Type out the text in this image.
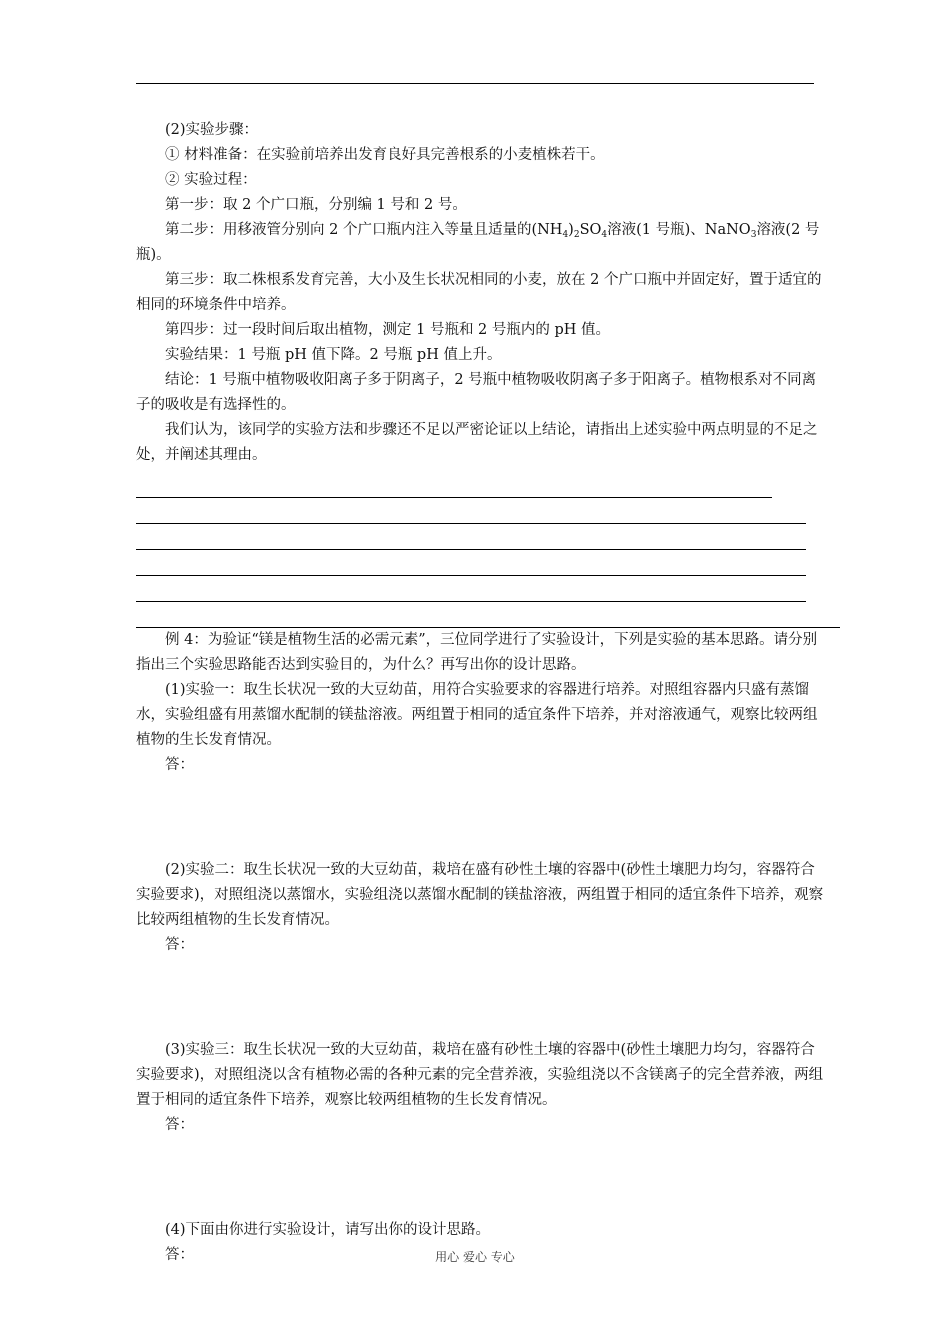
(2)实验步骤：

① 材料准备：在实验前培养出发育良好具完善根系的小麦植株若干。

② 实验过程：

第一步：取 2 个广口瓶，分别编 1 号和 2 号。

第二步：用移液管分别向 2 个广口瓶内注入等量且适量的$(NH_4)_2SO_4$溶液(1 号瓶)、NaNO$_3$溶液(2 号瓶)。

第三步：取二株根系发育完善，大小及生长状况相同的小麦，放在 2 个广口瓶中并固定好，置于适宜的相同的环境条件中培养。

第四步：过一段时间后取出植物，测定 1 号瓶和 2 号瓶内的 pH 值。

实验结果：1 号瓶 pH 值下降。2 号瓶 pH 值上升。

结论：1 号瓶中植物吸收阳离子多于阴离子，2 号瓶中植物吸收阴离子多于阳离子。植物根系对不同离子的吸收是有选择性的。

我们认为，该同学的实验方法和步骤还不足以严密论证以上结论，请指出上述实验中两点明显的不足之处，并阐述其理由。

例 4：为验证“镁是植物生活的必需元素”，三位同学进行了实验设计，下列是实验的基本思路。请分别指出三个实验思路能否达到实验目的，为什么？再写出你的设计思路。

(1)实验一：取生长状况一致的大豆幼苗，用符合实验要求的容器进行培养。对照组容器内只盛有蒸馏水，实验组盛有用蒸馏水配制的镁盐溶液。两组置于相同的适宜条件下培养，并对溶液通气，观察比较两组植物的生长发育情况。

答：

(2)实验二：取生长状况一致的大豆幼苗，栽培在盛有砂性土壤的容器中(砂性土壤肥力均匀，容器符合实验要求)，对照组浇以蒸馏水，实验组浇以蒸馏水配制的镁盐溶液，两组置于相同的适宜条件下培养，观察比较两组植物的生长发育情况。

答：

(3)实验三：取生长状况一致的大豆幼苗，栽培在盛有砂性土壤的容器中(砂性土壤肥力均匀，容器符合实验要求)，对照组浇以含有植物必需的各种元素的完全营养液，实验组浇以不含镁离子的完全营养液，两组置于相同的适宜条件下培养，观察比较两组植物的生长发育情况。

答：

(4)下面由你进行实验设计，请写出你的设计思路。

答：	用心 爱心 专心
